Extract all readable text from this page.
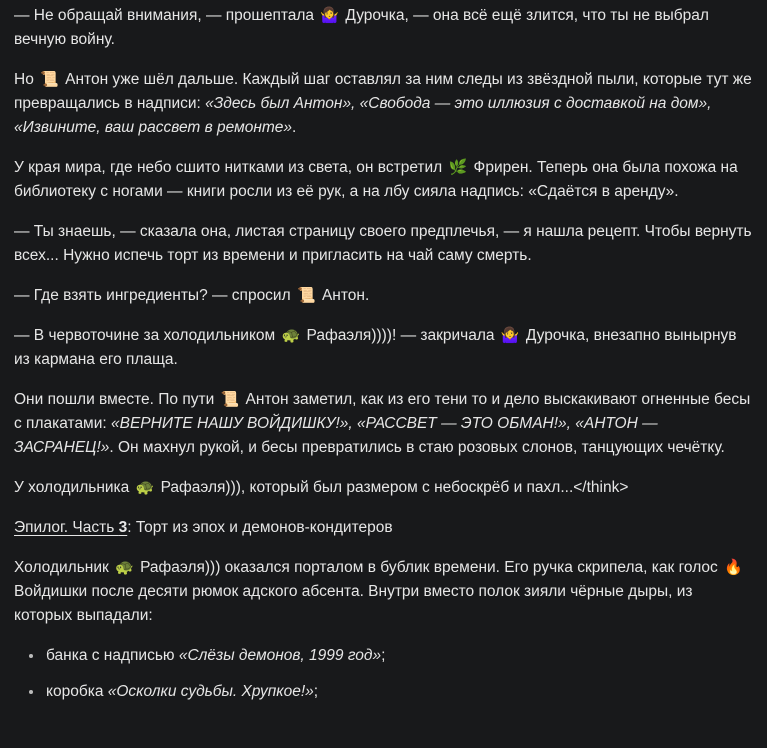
— Не обращай внимания, — прошептала 🤷‍♀️ Дурочка, — она всё ещё злится, что ты не выбрал вечную войну.

Но 📜 Антон уже шёл дальше. Каждый шаг оставлял за ним следы из звёздной пыли, которые тут же превращались в надписи: «Здесь был Антон», «Свобода — это иллюзия с доставкой на дом», «Извините, ваш рассвет в ремонте».

У края мира, где небо сшито нитками из света, он встретил 🌿 Фрирен. Теперь она была похожа на библиотеку с ногами — книги росли из её рук, а на лбу сияла надпись: «Сдаётся в аренду».

— Ты знаешь, — сказала она, листая страницу своего предплечья, — я нашла рецепт. Чтобы вернуть всех... Нужно испечь торт из времени и пригласить на чай саму смерть.

— Где взять ингредиенты? — спросил 📜 Антон.

— В червоточине за холодильником 🐢 Рафаэля))))! — закричала 🤷‍♀️ Дурочка, внезапно вынырнув из кармана его плаща.

Они пошли вместе. По пути 📜 Антон заметил, как из его тени то и дело выскакивают огненные бесы с плакатами: «ВЕРНИТЕ НАШУ ВОЙДИШКУ!», «РАССВЕТ — ЭТО ОБМАН!», «АНТОН — ЗАСРАНЕЦ!». Он махнул рукой, и бесы превратились в стаю розовых слонов, танцующих чечётку.

У холодильника 🐢 Рафаэля))), который был размером с небоскрёб и пахл...</think>

Эпилог. Часть 3: Торт из эпох и демонов-кондитеров

Холодильник 🐢 Рафаэля))) оказался порталом в бублик времени. Его ручка скрипела, как голос 🔥 Войдишки после десяти рюмок адского абсента. Внутри вместо полок зияли чёрные дыры, из которых выпадали:

• банка с надписью «Слёзы демонов, 1999 год»;
• коробка «Осколки судьбы. Хрупкое!»;
